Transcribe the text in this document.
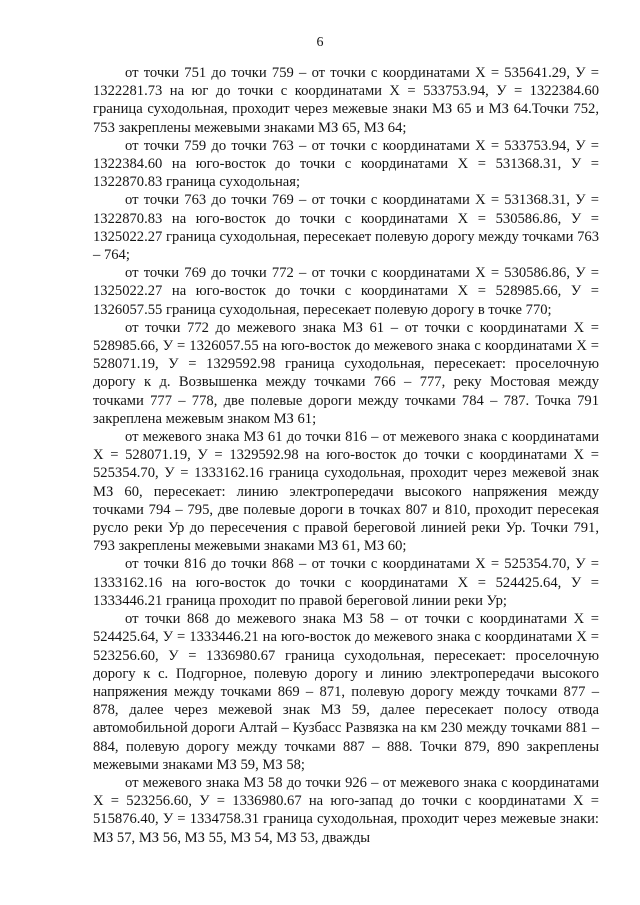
6

от точки 751 до точки 759 – от точки с координатами Х = 535641.29, У = 1322281.73 на юг до точки с координатами Х = 533753.94, У = 1322384.60 граница суходольная, проходит через межевые знаки МЗ 65 и МЗ 64.Точки 752, 753 закреплены межевыми знаками МЗ 65, МЗ 64;

от точки 759 до точки 763 – от точки с координатами Х = 533753.94, У = 1322384.60 на юго-восток до точки с координатами Х = 531368.31, У = 1322870.83 граница суходольная;

от точки 763 до точки 769 – от точки с координатами Х = 531368.31, У = 1322870.83 на юго-восток до точки с координатами Х = 530586.86, У = 1325022.27 граница суходольная, пересекает полевую дорогу между точками 763 – 764;

от точки 769 до точки 772 – от точки с координатами Х = 530586.86, У = 1325022.27 на юго-восток до точки с координатами Х = 528985.66, У = 1326057.55 граница суходольная, пересекает полевую дорогу в точке 770;

от точки 772 до межевого знака МЗ 61 – от точки с координатами Х = 528985.66, У = 1326057.55 на юго-восток до межевого знака с координатами Х = 528071.19, У = 1329592.98 граница суходольная, пересекает: проселочную дорогу к д. Возвышенка между точками 766 – 777, реку Мостовая между точками 777 – 778, две полевые дороги между точками 784 – 787. Точка 791 закреплена межевым знаком МЗ 61;

от межевого знака МЗ 61 до точки 816 – от межевого знака с координатами Х = 528071.19, У = 1329592.98 на юго-восток до точки с координатами Х = 525354.70, У = 1333162.16 граница суходольная, проходит через межевой знак МЗ 60, пересекает: линию электропередачи высокого напряжения между точками 794 – 795, две полевые дороги в точках 807 и 810, проходит пересекая русло реки Ур до пересечения с правой береговой линией реки Ур. Точки 791, 793 закреплены межевыми знаками МЗ 61, МЗ 60;

от точки 816 до точки 868 – от точки с координатами Х = 525354.70, У = 1333162.16 на юго-восток до точки с координатами Х = 524425.64, У = 1333446.21 граница проходит по правой береговой линии реки Ур;

от точки 868 до межевого знака МЗ 58 – от точки с координатами Х = 524425.64, У = 1333446.21 на юго-восток до межевого знака с координатами Х = 523256.60, У = 1336980.67 граница суходольная, пересекает: проселочную дорогу к с. Подгорное, полевую дорогу и линию электропередачи высокого напряжения между точками 869 – 871, полевую дорогу между точками 877 – 878, далее через межевой знак МЗ 59, далее пересекает полосу отвода автомобильной дороги Алтай – Кузбасс Развязка на км 230 между точками 881 – 884, полевую дорогу между точками 887 – 888. Точки 879, 890 закреплены межевыми знаками МЗ 59, МЗ 58;

от межевого знака МЗ 58 до точки 926 – от межевого знака с координатами Х = 523256.60, У = 1336980.67 на юго-запад до точки с координатами Х = 515876.40, У = 1334758.31 граница суходольная, проходит через межевые знаки: МЗ 57, МЗ 56, МЗ 55, МЗ 54, МЗ 53, дважды
